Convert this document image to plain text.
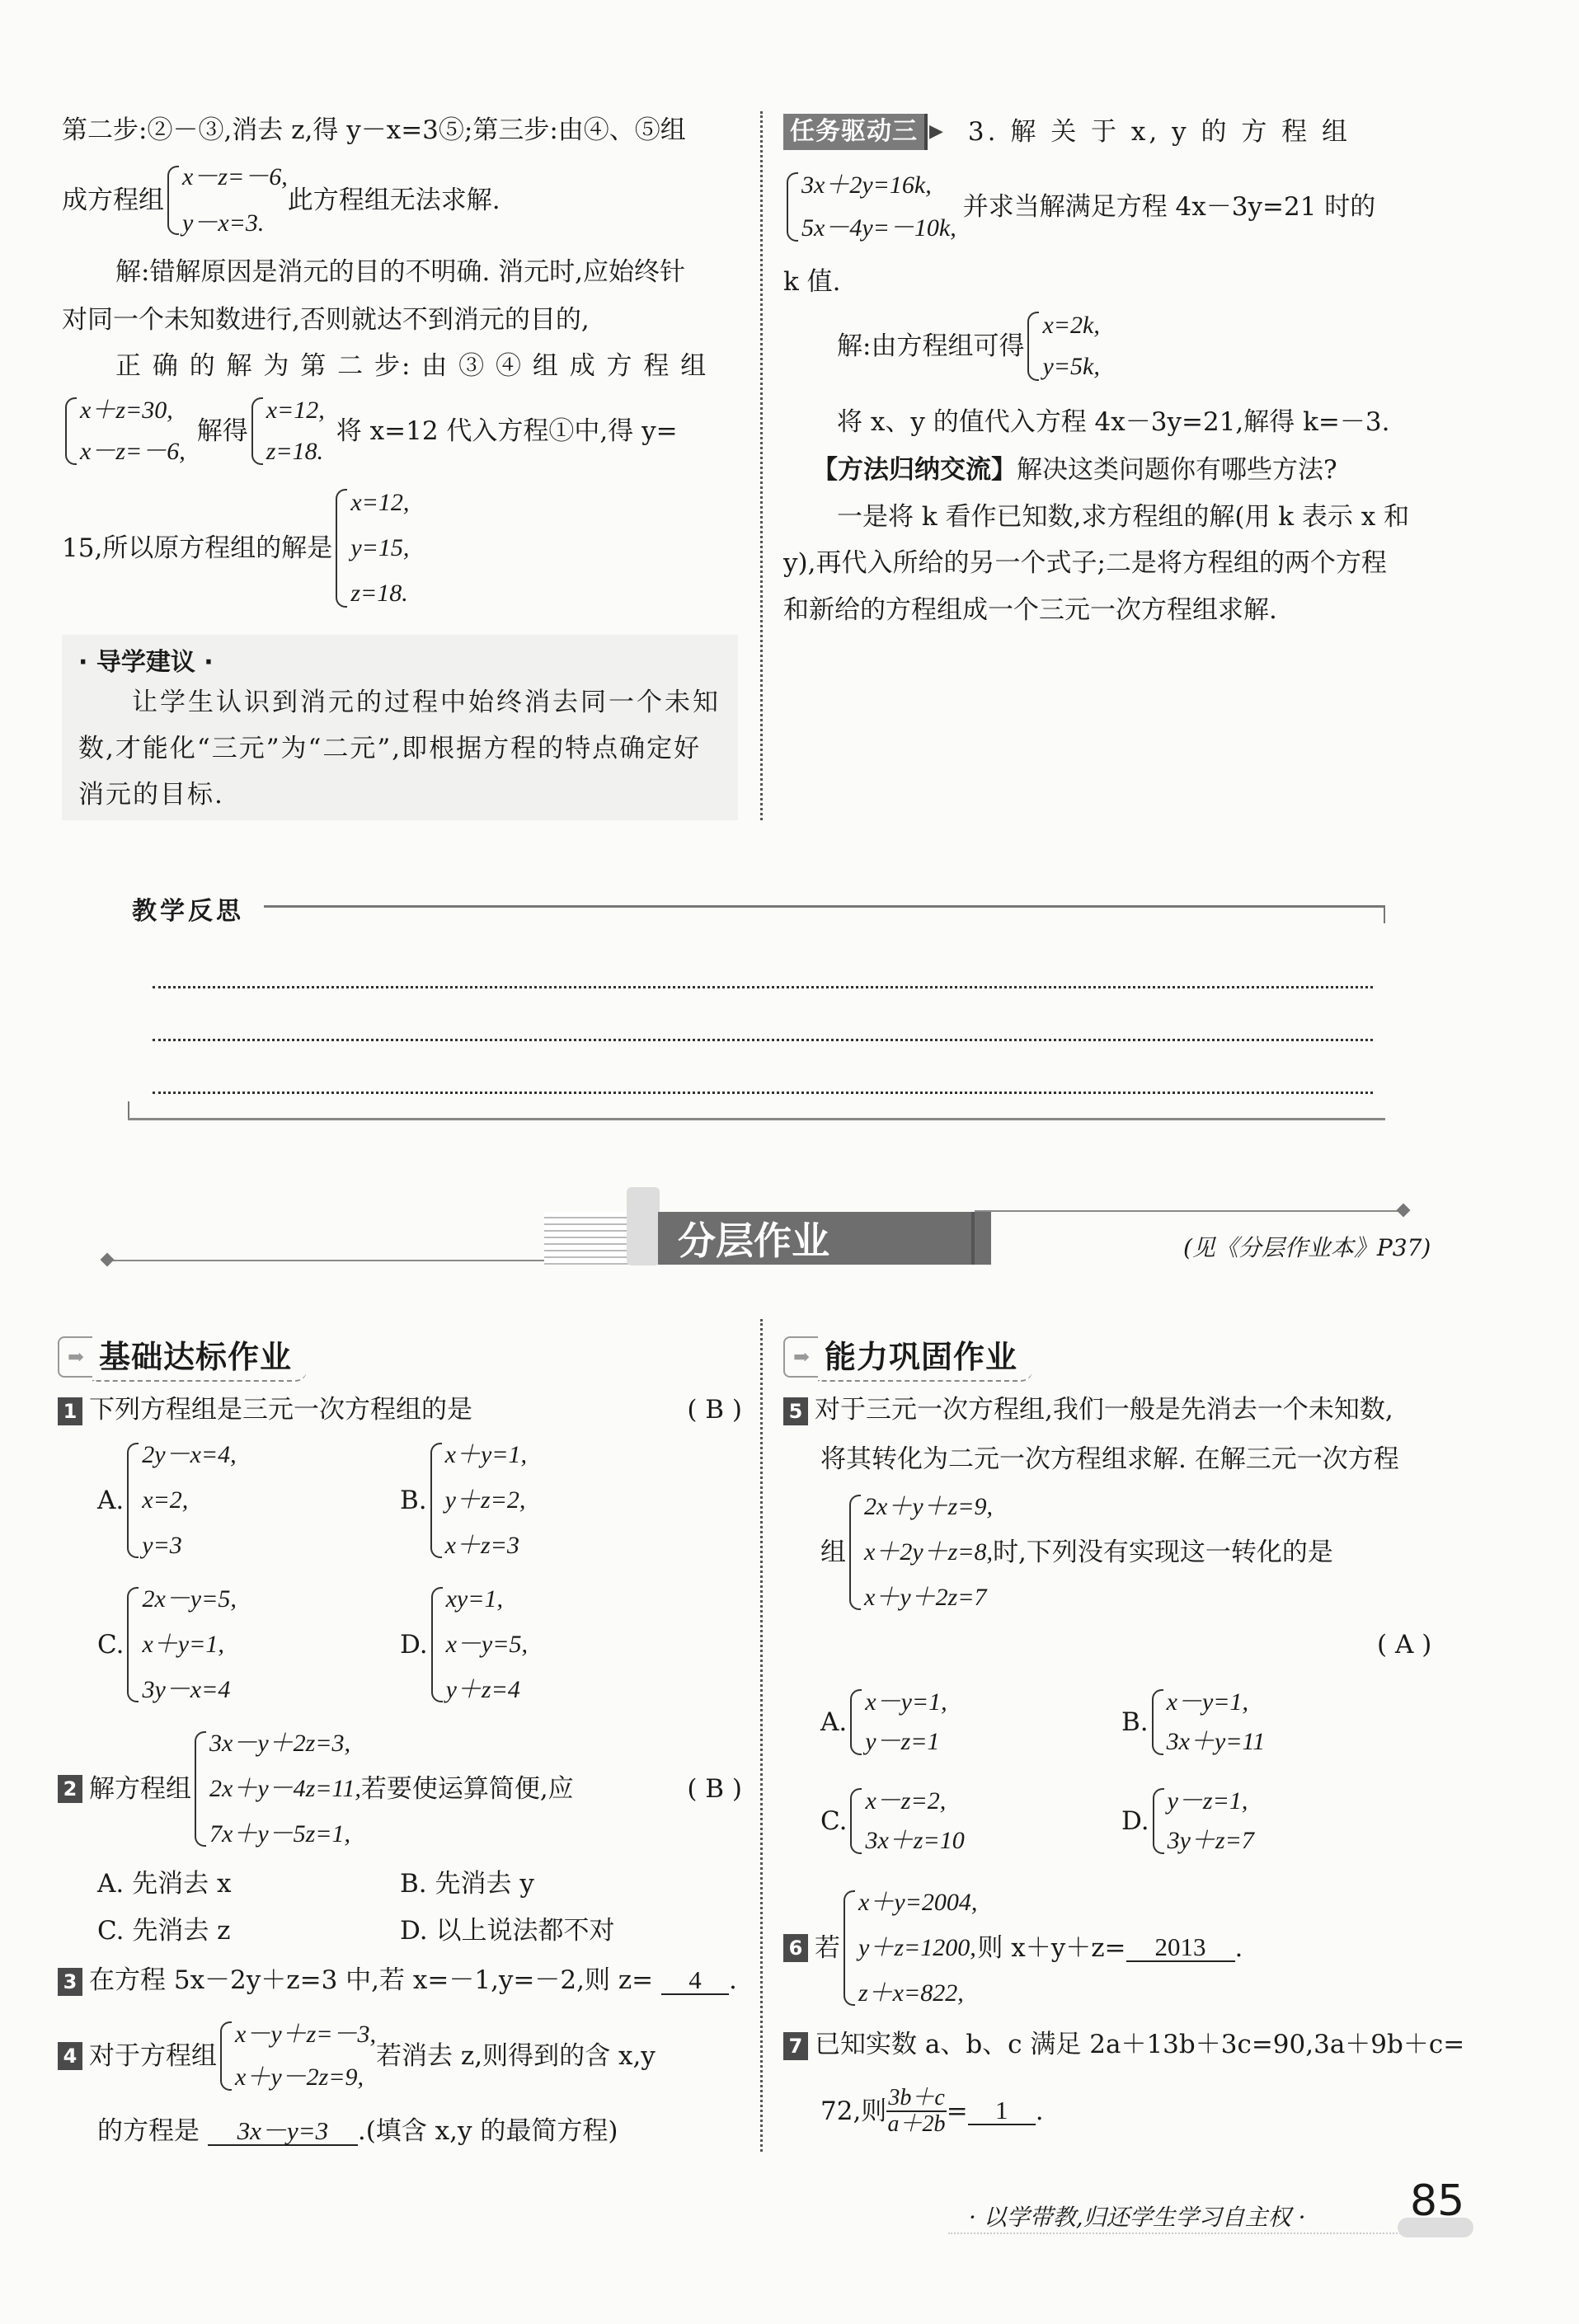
第二步:②－③,消去 z,得 y－x=3⑤;第三步:由④、⑤组
成方程组
x－z=－6,
y－x=3.
此方程组无法求解.
解:错解原因是消元的目的不明确. 消元时,应始终针
对同一个未知数进行,否则就达不到消元的目的,
正 确 的 解 为 第 二 步: 由 ③ ④ 组 成 方 程 组
x＋z=30,
x－z=－6,
解得
x=12,
z=18.
将 x=12 代入方程①中,得 y=
15,所以原方程组的解是
x=12,
y=15,
z=18.
· 导学建议 ·
让学生认识到消元的过程中始终消去同一个未知
数,才能化“三元”为“二元”,即根据方程的特点确定好
消元的目标.
任务驱动三 ▶ 3. 解 关 于 x, y 的 方 程 组
3x＋2y=16k,
5x－4y=－10k,
并求当解满足方程 4x－3y=21 时的
k 值.
解:由方程组可得
x=2k,
y=5k,
将 x、y 的值代入方程 4x－3y=21,解得 k=－3.
【方法归纳交流】解决这类问题你有哪些方法?
一是将 k 看作已知数,求方程组的解(用 k 表示 x 和
y),再代入所给的另一个式子;二是将方程组的两个方程
和新给的方程组成一个三元一次方程组求解.
教学反思
分层作业	(见《分层作业本》P37)
➡ 基础达标作业
1 下列方程组是三元一次方程组的是	( B )
A.
2y－x=4,
x=2,
y=3
B.
x＋y=1,
y＋z=2,
x＋z=3
C.
2x－y=5,
x＋y=1,
3y－x=4
D.
xy=1,
x－y=5,
y＋z=4
2 解方程组
3x－y＋2z=3,
2x＋y－4z=11,
7x＋y－5z=1,
若要使运算简便,应	( B )
A. 先消去 x	B. 先消去 y
C. 先消去 z	D. 以上说法都不对
3 在方程 5x－2y＋z=3 中,若 x=－1,y=－2,则 z= 4 .
4 对于方程组
x－y＋z=－3,
x＋y－2z=9,
若消去 z,则得到的含 x,y
的方程是 3x－y=3 .(填含 x,y 的最简方程)
➡ 能力巩固作业
5 对于三元一次方程组,我们一般是先消去一个未知数,
将其转化为二元一次方程组求解. 在解三元一次方程
组
2x＋y＋z=9,
x＋2y＋z=8,
x＋y＋2z=7
时,下列没有实现这一转化的是
( A )
A.
x－y=1,
y－z=1
B.
x－y=1,
3x＋y=11
C.
x－z=2,
3x＋z=10
D.
y－z=1,
3y＋z=7
6 若
x＋y=2004,
y＋z=1200,
z＋x=822,
则 x＋y＋z=	2013	.
7 已知实数 a、b、c 满足 2a＋13b＋3c=90,3a＋9b＋c=
72,则 $\frac{3b+c}{a+2b}$ =	1	.
· 以学带教,归还学生学习自主权 · 85
